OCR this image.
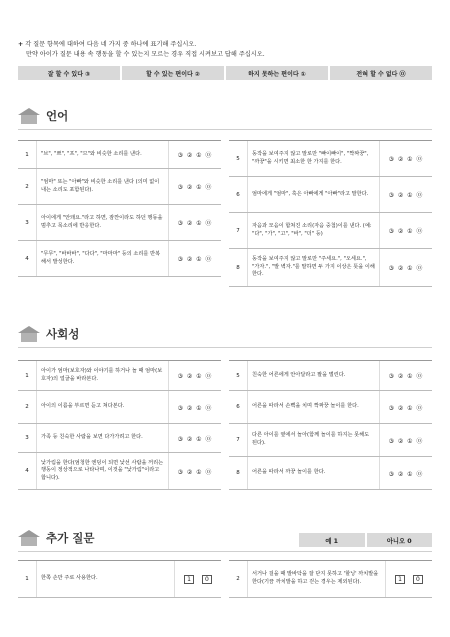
+ 각 질문 항목에 대하여 다음 네 가지 중 하나에 표기해 주십시오.
만약 아이가 질문 내용 속 행동을 할 수 있는지 모르는 경우 직접 시켜보고 답해 주십시오.
잘 할 수 있다 ③	할 수 있는 편이다 ②	하지 못하는 편이다 ①	전혀 할 수 없다 ⓪
언어
1	"브", "쁘", "프", "므"와 비슷한 소리를 낸다.	③ ② ① ⓪
2
"엄마" 또는 "아빠"와 비슷한 소리를 낸다 (의미 없이 내는 소리도 포함된다).	③ ② ① ⓪
3
아이에게 "안돼요."라고 하면, 잠깐이라도 하던 행동을 멈추고 목소리에 반응한다.	③ ② ① ⓪
4
"무무", "바바바", "다다", "마마마" 등의 소리를 반복해서 발성한다.	③ ② ① ⓪
5
동작을 보여주지 않고 말로만 "빠이빠이", "짝짜꿍", "까꿍"을 시키면 최소한 한 가지를 한다.	③ ② ① ⓪
6	엄마에게 "엄마", 혹은 아빠에게 "아빠"라고 말한다.	③ ② ① ⓪
7
자음과 모음이 합쳐진 소리(자음 중첩)이를 낸다. (예: "다", "가", "고", "바", "더" 등)	③ ② ① ⓪
8
동작을 보여주지 않고 말로만 "주세요.", "오세요.", "가자.", "발 벽자."를 말하면 두 가지 이상은 뜻을 이해한다.
③ ② ① ⓪
사회성
1
아이가 엄마(보호자)와 이야기를 하거나 놀 때 엄마(보호자)의 얼굴을 바라본다.	③ ② ① ⓪
2	아이의 이름을 부르면 듣고 쳐다본다.	③ ② ① ⓪
3	가족 등 친숙한 사람을 보면 다가가려고 한다.	③ ② ① ⓪
4
낯가림을 한다(엄청한 엔딩이 되면 낯선 사람을 꺼리는 행동이 정상적으로 나타나며, 이것을 "낯가림"이라고 합니다).
③ ② ① ⓪
5	친숙한 어른에게 안아달라고 팔을 벌린다.	③ ② ① ⓪
6	어른을 따라서 손뼉을 치며 짝짜꿍 놀이를 한다.	③ ② ① ⓪
7
다른 아이를 옆에서 놀아(함께 놀이를 하지는 못해도 된다).	③ ② ① ⓪
8	어른을 따라서 까꿍 놀이를 한다.	③ ② ① ⓪
추가 질문	예 1	아니오 0
1	한쪽 손만 주로 사용한다.	1	0	2
서거나 걸을 때 발바닥을 잘 닫지 못하고 '할닝' 까치발을 한다(기끔 까치발을 하고 걷는 경우는 제외된다).	1	0
